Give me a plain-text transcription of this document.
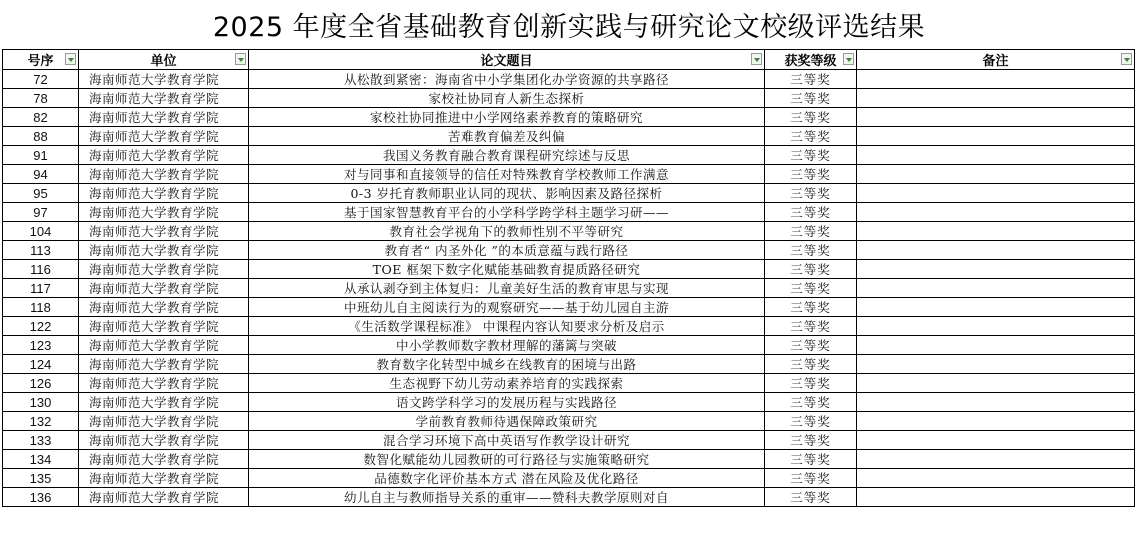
2025 年度全省基础教育创新实践与研究论文校级评选结果
号序	单位	论文题目	获奖等级	备注

72	海南师范大学教育学院	从松散到紧密：海南省中小学集团化办学资源的共享路径	三等奖	
78	海南师范大学教育学院	家校社协同育人新生态探析	三等奖	
82	海南师范大学教育学院	家校社协同推进中小学网络素养教育的策略研究	三等奖	
88	海南师范大学教育学院	苦难教育偏差及纠偏	三等奖	
91	海南师范大学教育学院	我国义务教育融合教育课程研究综述与反思	三等奖	
94	海南师范大学教育学院	对与同事和直接领导的信任对特殊教育学校教师工作满意	三等奖	
95	海南师范大学教育学院	0-3 岁托育教师职业认同的现状、影响因素及路径探析	三等奖	
97	海南师范大学教育学院	基于国家智慧教育平台的小学科学跨学科主题学习研——	三等奖	
104	海南师范大学教育学院	教育社会学视角下的教师性别不平等研究	三等奖	
113	海南师范大学教育学院	教育者“ 内圣外化 ”的本质意蕴与践行路径	三等奖	
116	海南师范大学教育学院	TOE 框架下数字化赋能基础教育提质路径研究	三等奖	
117	海南师范大学教育学院	从承认剥夺到主体复归：儿童美好生活的教育审思与实现	三等奖	
118	海南师范大学教育学院	中班幼儿自主阅读行为的观察研究——基于幼儿园自主游	三等奖	
122	海南师范大学教育学院	《生活数学课程标准》 中课程内容认知要求分析及启示	三等奖	
123	海南师范大学教育学院	中小学教师数字教材理解的藩篱与突破	三等奖	
124	海南师范大学教育学院	教育数字化转型中城乡在线教育的困境与出路	三等奖	
126	海南师范大学教育学院	生态视野下幼儿劳动素养培育的实践探索	三等奖	
130	海南师范大学教育学院	语文跨学科学习的发展历程与实践路径	三等奖	
132	海南师范大学教育学院	学前教育教师待遇保障政策研究	三等奖	
133	海南师范大学教育学院	混合学习环境下高中英语写作教学设计研究	三等奖	
134	海南师范大学教育学院	数智化赋能幼儿园教研的可行路径与实施策略研究	三等奖	
135	海南师范大学教育学院	品德数字化评价基本方式 潜在风险及优化路径	三等奖	
136	海南师范大学教育学院	幼儿自主与教师指导关系的重审——赞科夫教学原则对自	三等奖	
